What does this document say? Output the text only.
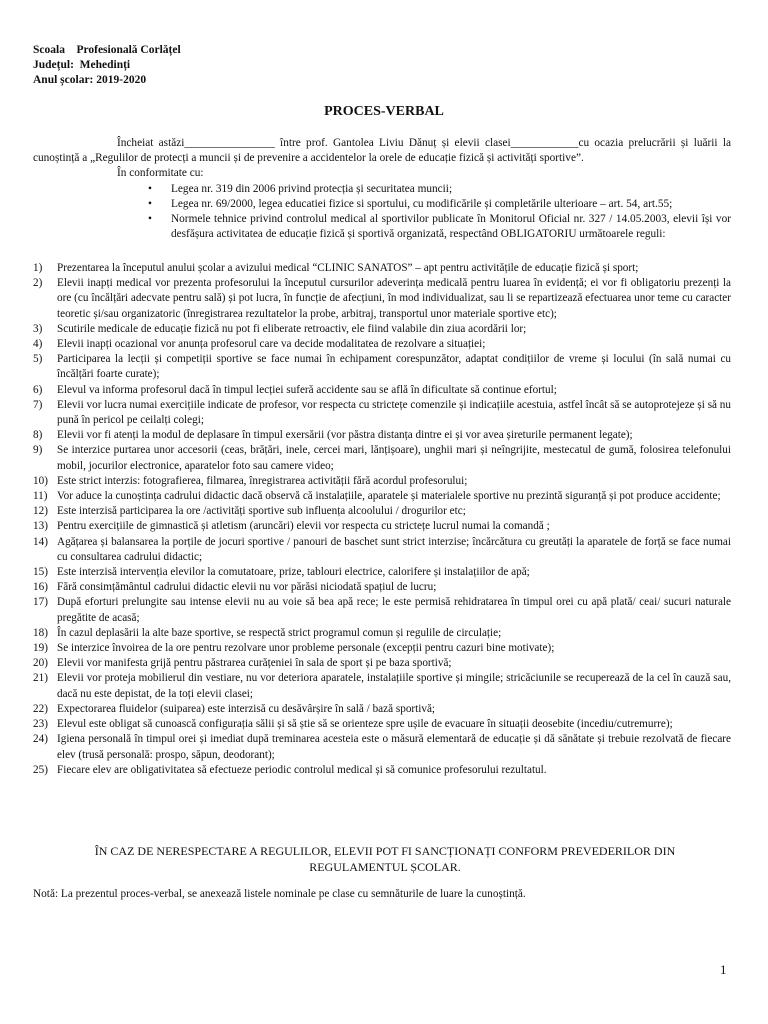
Scoala    Profesională Corlățel
Județul:  Mehedinți
Anul școlar: 2019-2020
PROCES-VERBAL
Încheiat astăzi________________ între prof. Gantolea Liviu Dănuț și elevii clasei____________cu ocazia prelucrării și luării la cunoștință a „Regulilor de protecți a muncii și de prevenire a accidentelor la orele de educație fizică și activități sportive”.
În conformitate cu:
• Legea nr. 319 din 2006 privind protecția și securitatea muncii;
• Legea nr. 69/2000, legea educatiei fizice si sportului, cu modificările și completările ulterioare – art. 54, art.55;
• Normele tehnice privind controlul medical al sportivilor publicate în Monitorul Oficial nr. 327 / 14.05.2003, elevii își vor desfășura activitatea de educație fizică și sportivă organizată, respectând OBLIGATORIU următoarele reguli:
1) Prezentarea la începutul anului școlar a avizului medical “CLINIC SANATOS” – apt pentru activitățile de educație fizică și sport;
2) Elevii inapți medical vor prezenta profesorului la începutul cursurilor adeverința medicală pentru luarea în evidență; ei vor fi obligatoriu prezenți la ore (cu încălțări adecvate pentru sală) și pot lucra, în funcție de afecțiuni, în mod individualizat, sau li se repartizează efectuarea unor teme cu caracter teoretic și/sau organizatoric (înregistrarea rezultatelor la probe, arbitraj, transportul unor materiale sportive etc);
3) Scutirile medicale de educație fizică nu pot fi eliberate retroactiv, ele fiind valabile din ziua acordării lor;
4) Elevii inapți ocazional vor anunța profesorul care va decide modalitatea de rezolvare a situației;
5) Participarea la lecții și competiții sportive se face numai în echipament corespunzător, adaptat condițiilor de vreme și locului (în sală numai cu încălțări foarte curate);
6) Elevul va informa profesorul dacă în timpul lecției suferă accidente sau se află în dificultate să continue efortul;
7) Elevii vor lucra numai exercițiile indicate de profesor, vor respecta cu strictețe comenzile și indicațiile acestuia, astfel încât să se autoprotejeze și să nu pună în pericol pe ceilalți colegi;
8) Elevii vor fi atenți la modul de deplasare în timpul exersării (vor păstra distanța dintre ei și vor avea șireturile permanent legate);
9) Se interzice purtarea unor accesorii (ceas, brățări, inele, cercei mari, lănțișoare), unghii mari și neîngrijite, mestecatul de gumă, folosirea telefonului mobil, jocurilor electronice, aparatelor foto sau camere video;
10) Este strict interzis: fotografierea, filmarea, înregistrarea activității fără acordul profesorului;
11) Vor aduce la cunoștința cadrului didactic dacă observă că instalațiile, aparatele și materialele sportive nu prezintă siguranță și pot produce accidente;
12) Este interzisă participarea la ore /activități sportive sub influența alcoolului / drogurilor etc;
13) Pentru exercițiile de gimnastică și atletism (aruncări) elevii vor respecta cu strictețe lucrul numai la comandă ;
14) Agățarea și balansarea la porțile de jocuri sportive / panouri de baschet sunt strict interzise; încărcătura cu greutăți la aparatele de forță se face numai cu consultarea cadrului didactic;
15) Este interzisă intervenția elevilor la comutatoare, prize, tablouri electrice, calorifere și instalațiilor de apă;
16) Fără consimțământul cadrului didactic elevii nu vor părăsi niciodată spațiul de lucru;
17) După eforturi prelungite sau intense elevii nu au voie să bea apă rece; le este permisă rehidratarea în timpul orei cu apă plată/ ceai/ sucuri naturale pregătite de acasă;
18) În cazul deplasării la alte baze sportive, se respectă strict programul comun și regulile de circulație;
19) Se interzice învoirea de la ore pentru rezolvare unor probleme personale (excepții pentru cazuri bine motivate);
20) Elevii vor manifesta grijă pentru păstrarea curățeniei în sala de sport și pe baza sportivă;
21) Elevii vor proteja mobilierul din vestiare, nu vor deteriora aparatele, instalațiile sportive și mingile; stricăciunile se recuperează de la cel în cauză sau, dacă nu este depistat, de la toți elevii clasei;
22) Expectorarea fluidelor (suiparea) este interzisă cu desăvârșire în sală / bază sportivă;
23) Elevul este obligat să cunoască configurația sălii și să știe să se orienteze spre ușile de evacuare în situații deosebite (incediu/cutremurre);
24) Igiena personală în timpul orei și imediat după treminarea acesteia este o măsură elementară de educație și dă sănătate și trebuie rezolvată de fiecare elev (trusă personală: prospo, săpun, deodorant);
25) Fiecare elev are obligativitatea să efectueze periodic controlul medical și să comunice profesorului rezultatul.
ÎN CAZ DE NERESPECTARE A REGULILOR, ELEVII POT FI SANCȚIONAȚI CONFORM PREVEDERILOR DIN REGULAMENTUL ȘCOLAR.
Notă: La prezentul proces-verbal, se anexează listele nominale pe clase cu semnăturile de luare la cunoștință.
1
